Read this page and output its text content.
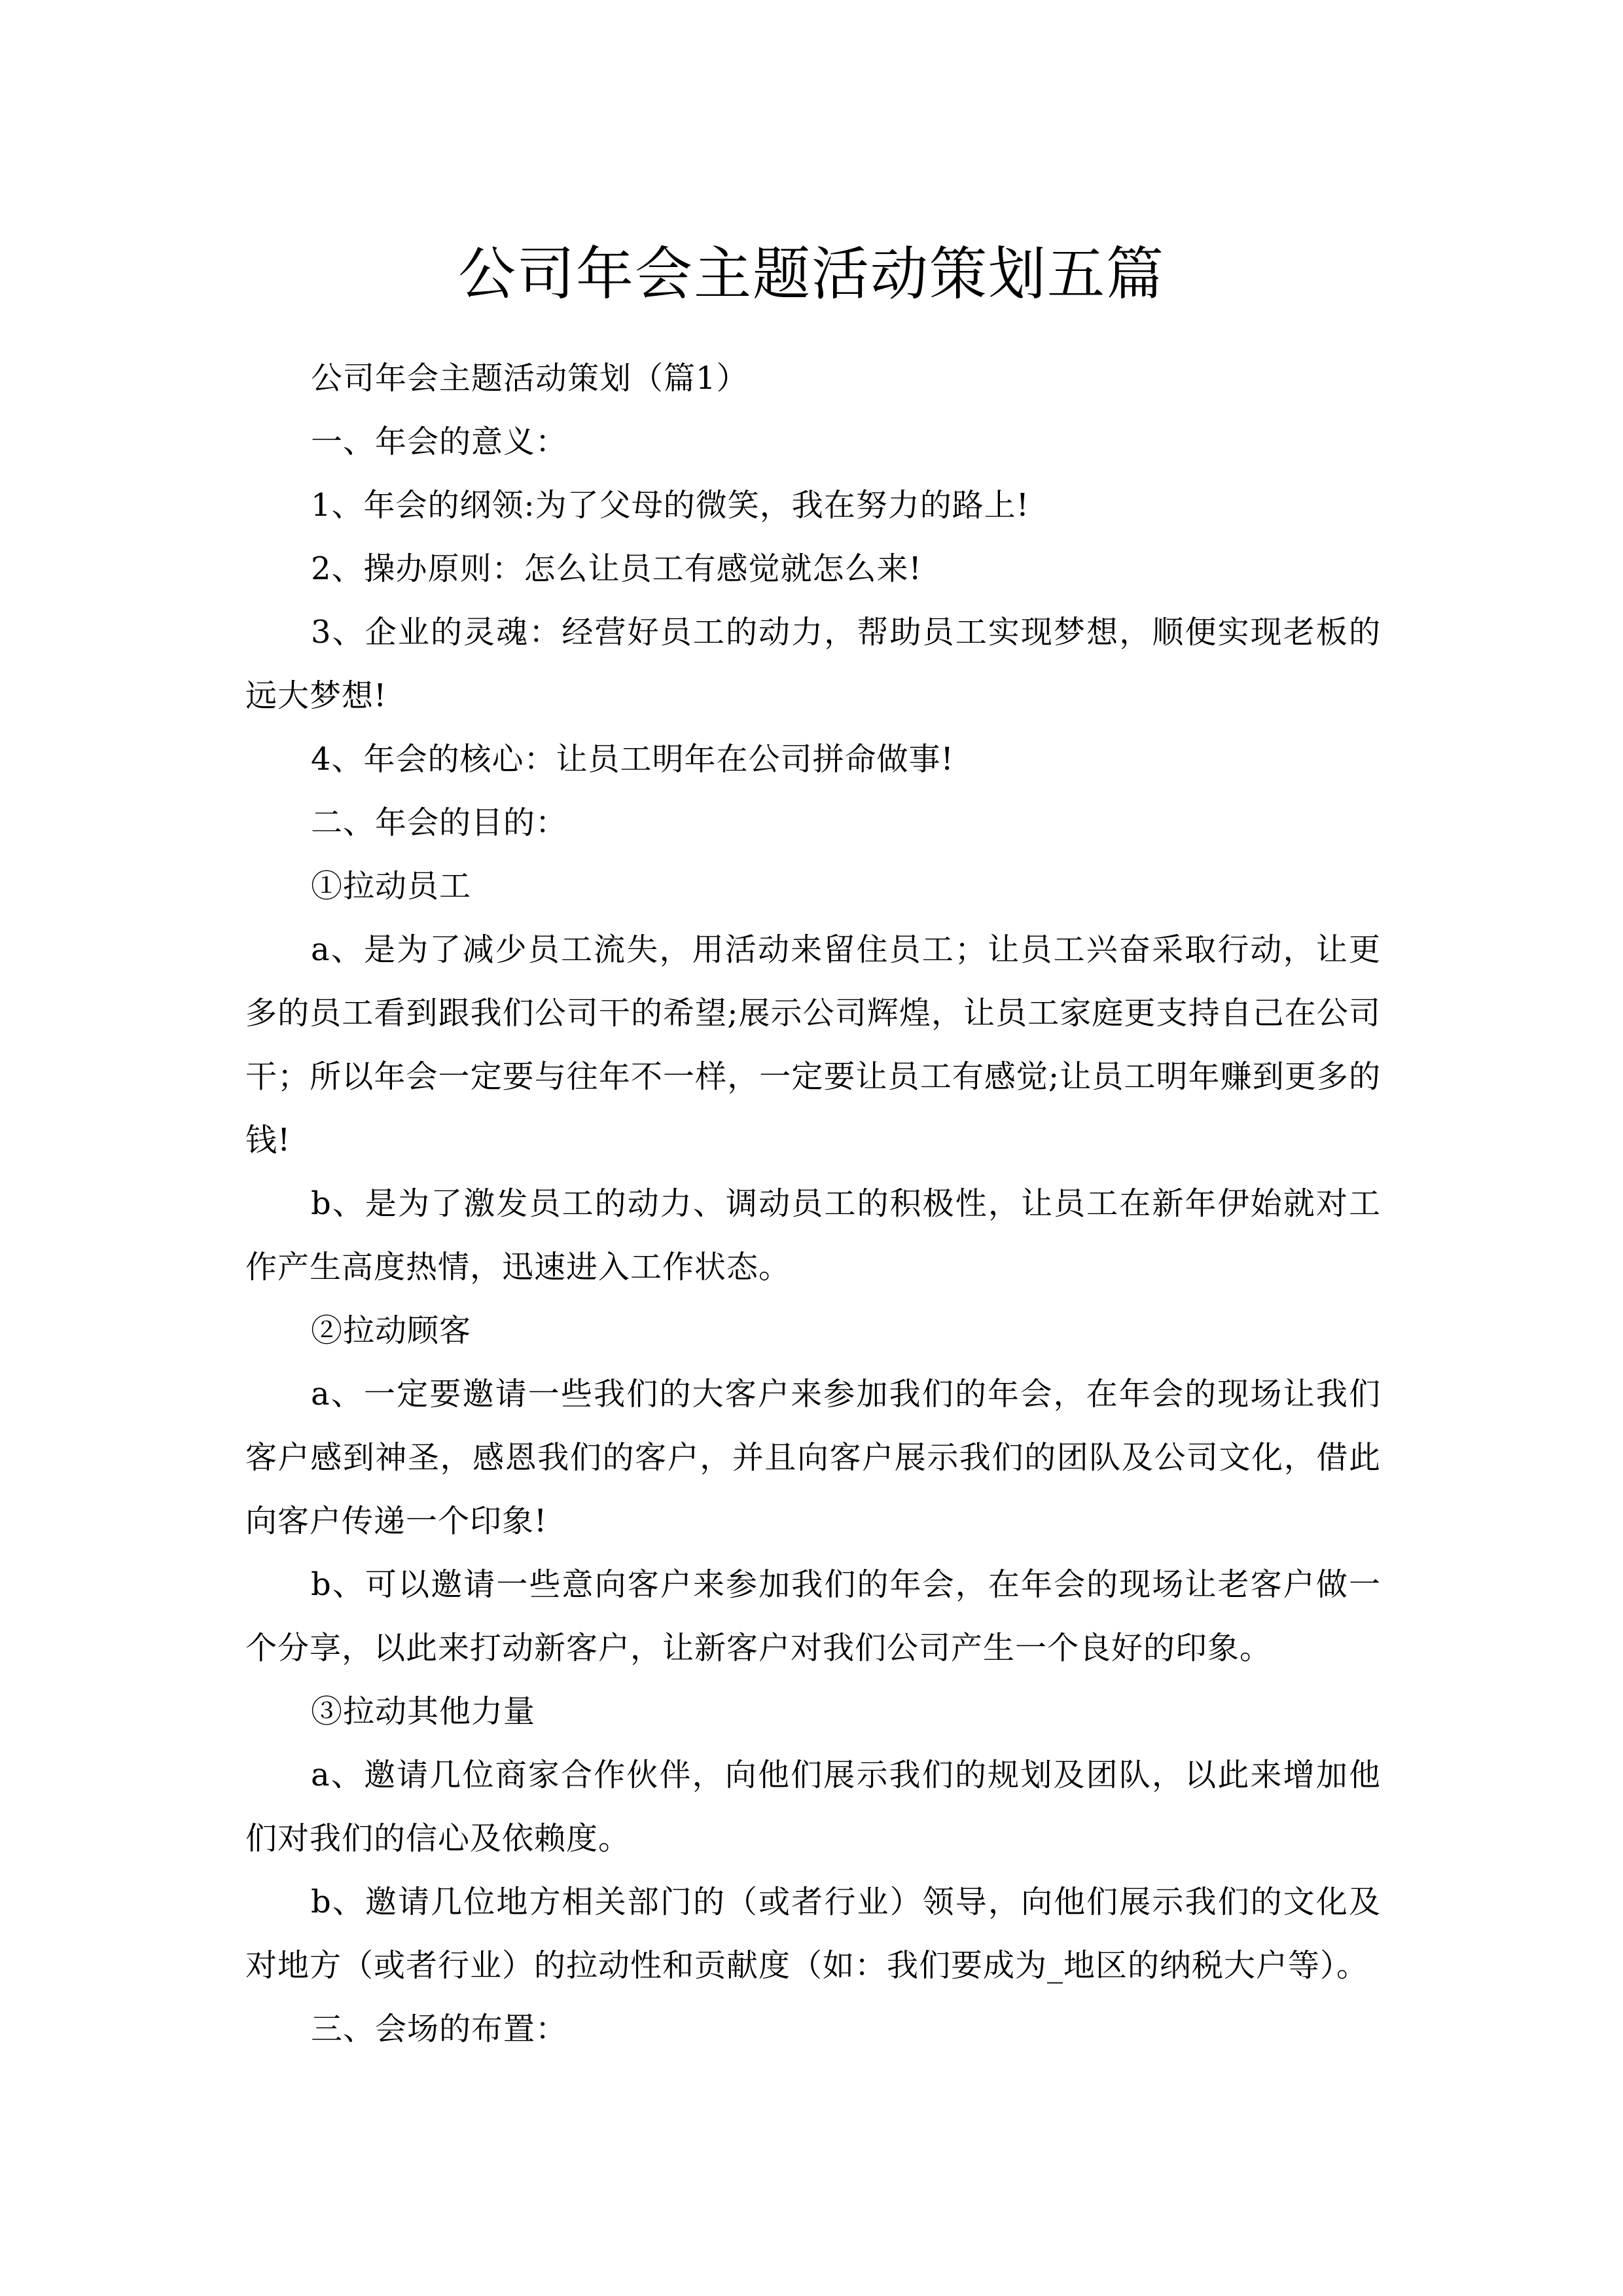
公司年会主题活动策划五篇

公司年会主题活动策划（篇1）

一、年会的意义：

1、年会的纲领:为了父母的微笑，我在努力的路上!

2、操办原则：怎么让员工有感觉就怎么来!

3、企业的灵魂：经营好员工的动力，帮助员工实现梦想，顺便实现老板的远大梦想!

4、年会的核心：让员工明年在公司拼命做事!

二、年会的目的：

①拉动员工

a、是为了减少员工流失，用活动来留住员工；让员工兴奋采取行动，让更多的员工看到跟我们公司干的希望;展示公司辉煌，让员工家庭更支持自己在公司干；所以年会一定要与往年不一样，一定要让员工有感觉;让员工明年赚到更多的钱!

b、是为了激发员工的动力、调动员工的积极性，让员工在新年伊始就对工作产生高度热情，迅速进入工作状态。

②拉动顾客

a、一定要邀请一些我们的大客户来参加我们的年会，在年会的现场让我们客户感到神圣，感恩我们的客户，并且向客户展示我们的团队及公司文化，借此向客户传递一个印象!

b、可以邀请一些意向客户来参加我们的年会，在年会的现场让老客户做一个分享，以此来打动新客户，让新客户对我们公司产生一个良好的印象。

③拉动其他力量

a、邀请几位商家合作伙伴，向他们展示我们的规划及团队，以此来增加他们对我们的信心及依赖度。

b、邀请几位地方相关部门的（或者行业）领导，向他们展示我们的文化及对地方（或者行业）的拉动性和贡献度（如：我们要成为_地区的纳税大户等）。

三、会场的布置：
